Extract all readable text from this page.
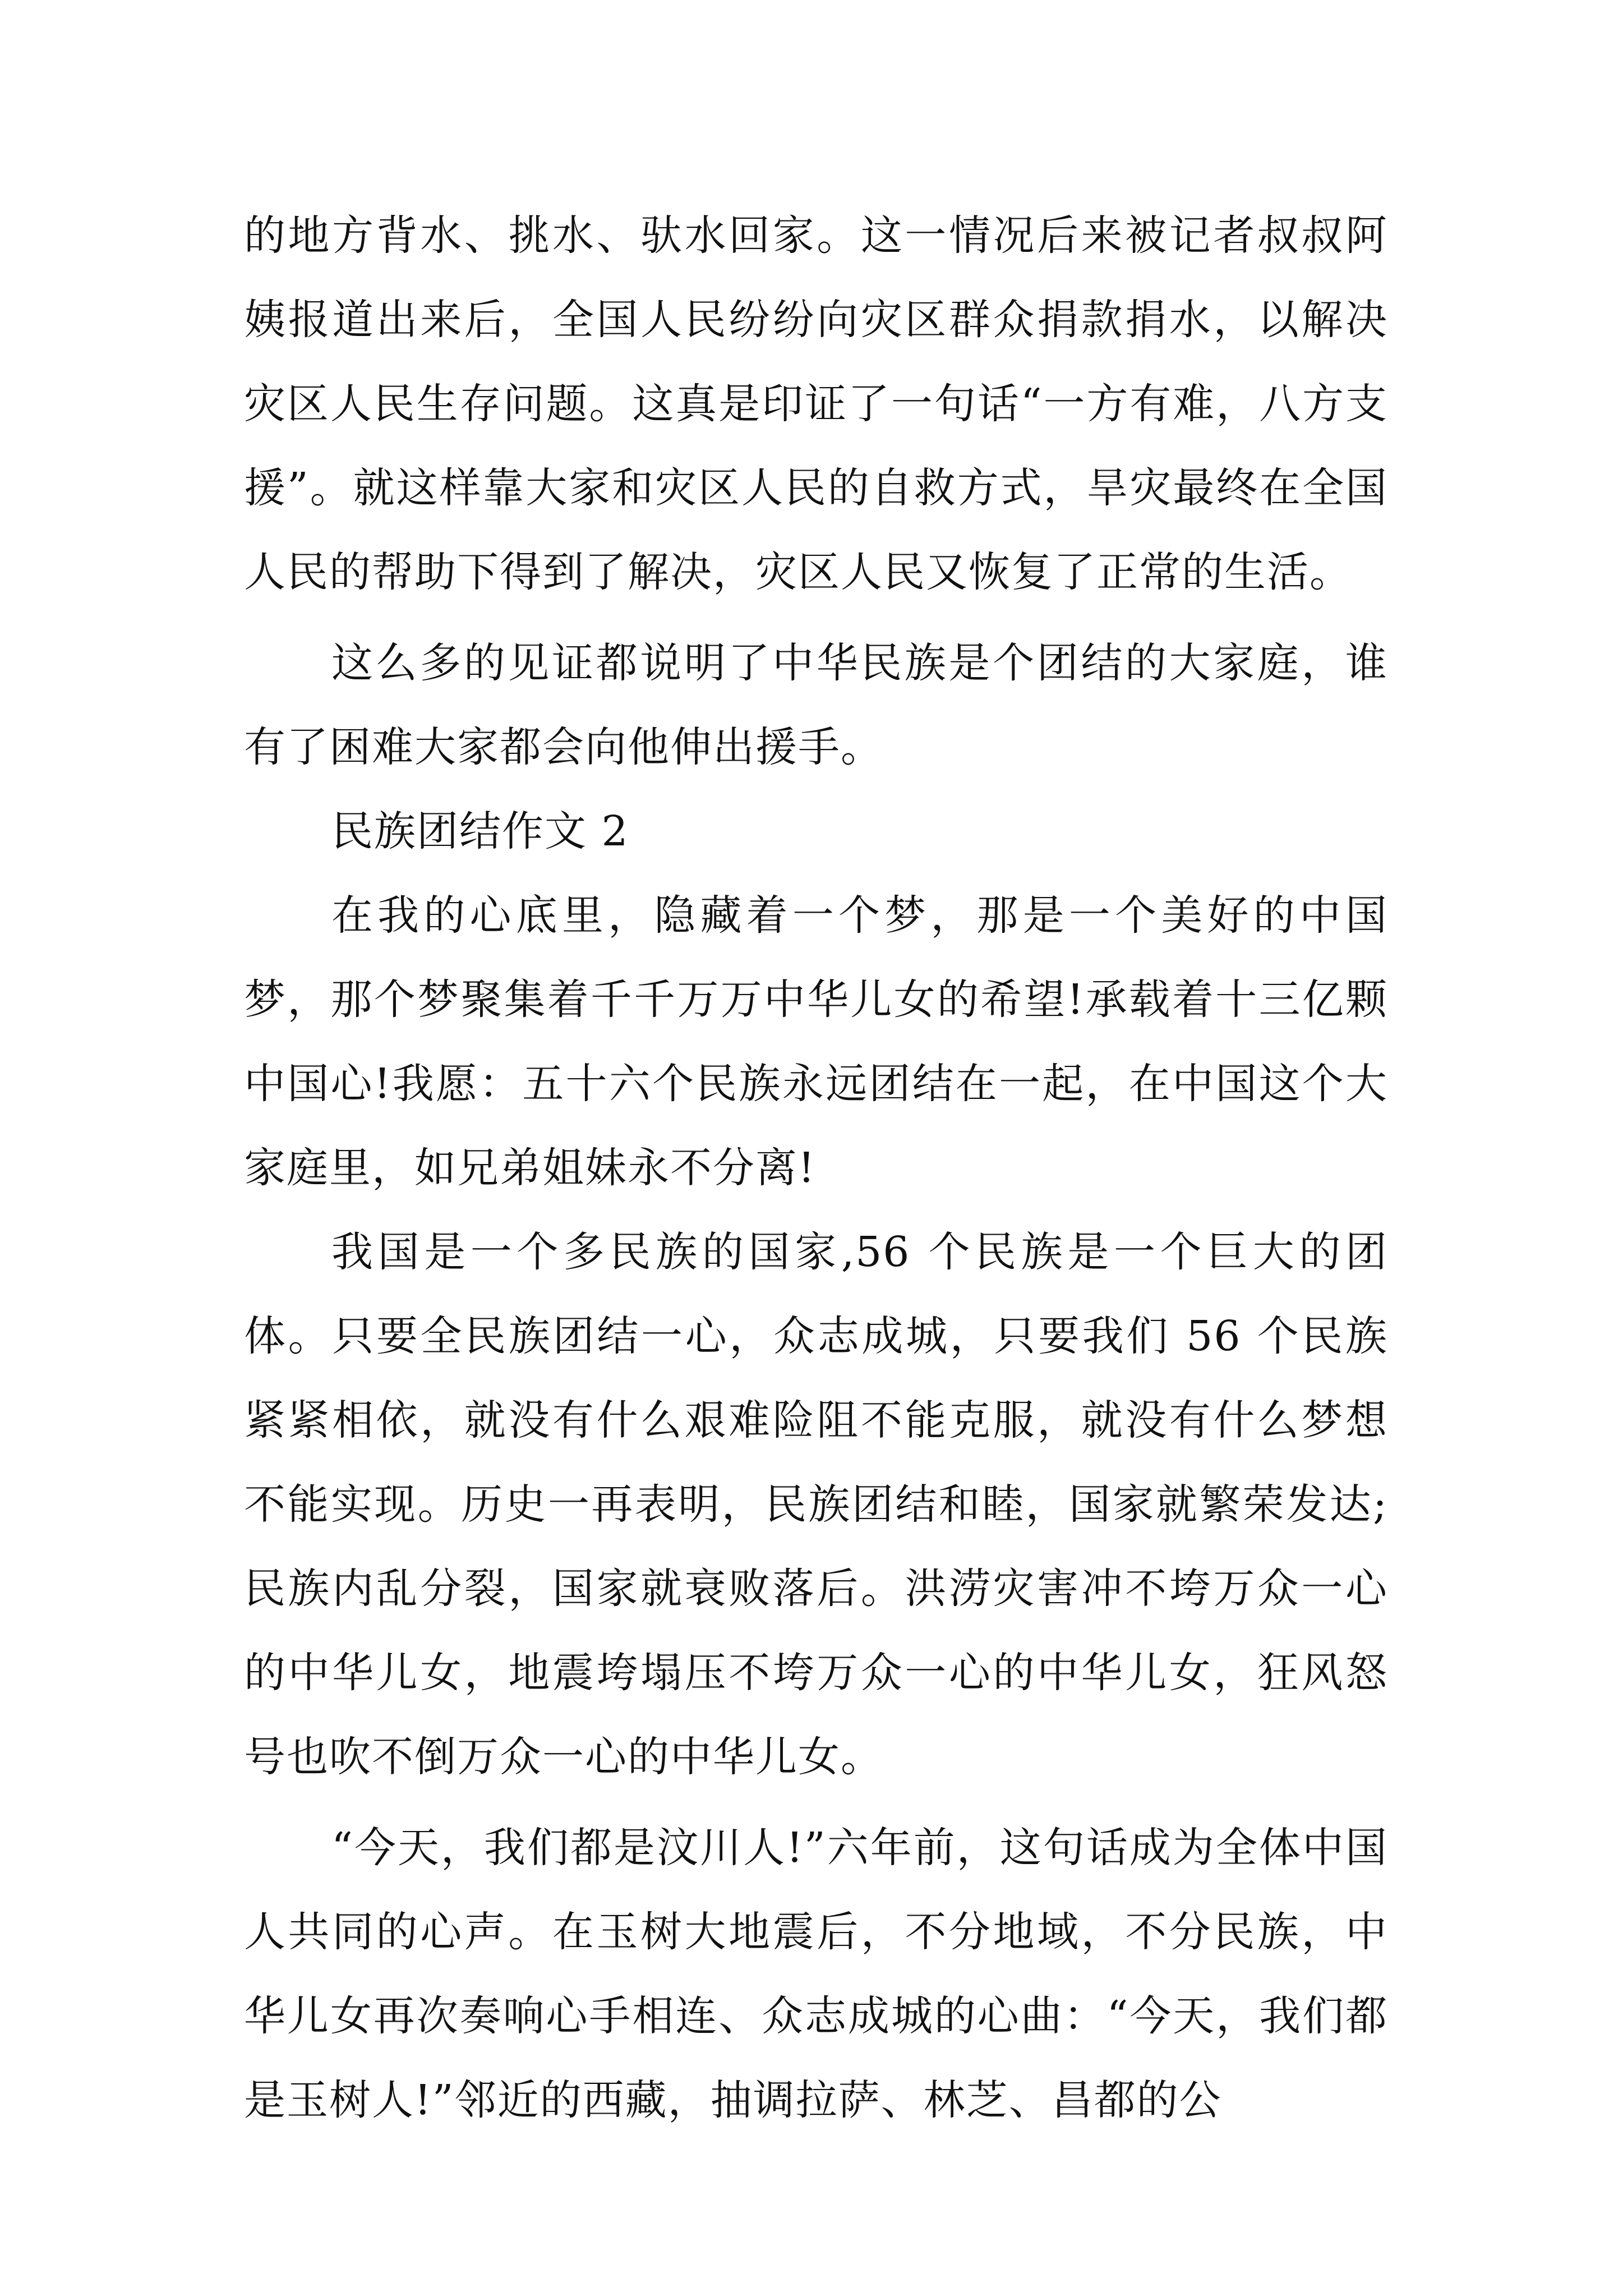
的地方背水、挑水、驮水回家。这一情况后来被记者叔叔阿姨报道出来后，全国人民纷纷向灾区群众捐款捐水，以解决灾区人民生存问题。这真是印证了一句话“一方有难，八方支援”。就这样靠大家和灾区人民的自救方式，旱灾最终在全国人民的帮助下得到了解决，灾区人民又恢复了正常的生活。

这么多的见证都说明了中华民族是个团结的大家庭，谁有了困难大家都会向他伸出援手。

民族团结作文 2

在我的心底里，隐藏着一个梦，那是一个美好的中国梦，那个梦聚集着千千万万中华儿女的希望!承载着十三亿颗中国心!我愿：五十六个民族永远团结在一起，在中国这个大家庭里，如兄弟姐妹永不分离!

我国是一个多民族的国家,56 个民族是一个巨大的团体。只要全民族团结一心，众志成城，只要我们 56 个民族紧紧相依，就没有什么艰难险阻不能克服，就没有什么梦想不能实现。历史一再表明，民族团结和睦，国家就繁荣发达;民族内乱分裂，国家就衰败落后。洪涝灾害冲不垮万众一心的中华儿女，地震垮塌压不垮万众一心的中华儿女，狂风怒号也吹不倒万众一心的中华儿女。

“今天，我们都是汶川人!”六年前，这句话成为全体中国人共同的心声。在玉树大地震后，不分地域，不分民族，中华儿女再次奏响心手相连、众志成城的心曲：“今天，我们都是玉树人!”邻近的西藏，抽调拉萨、林芝、昌都的公
